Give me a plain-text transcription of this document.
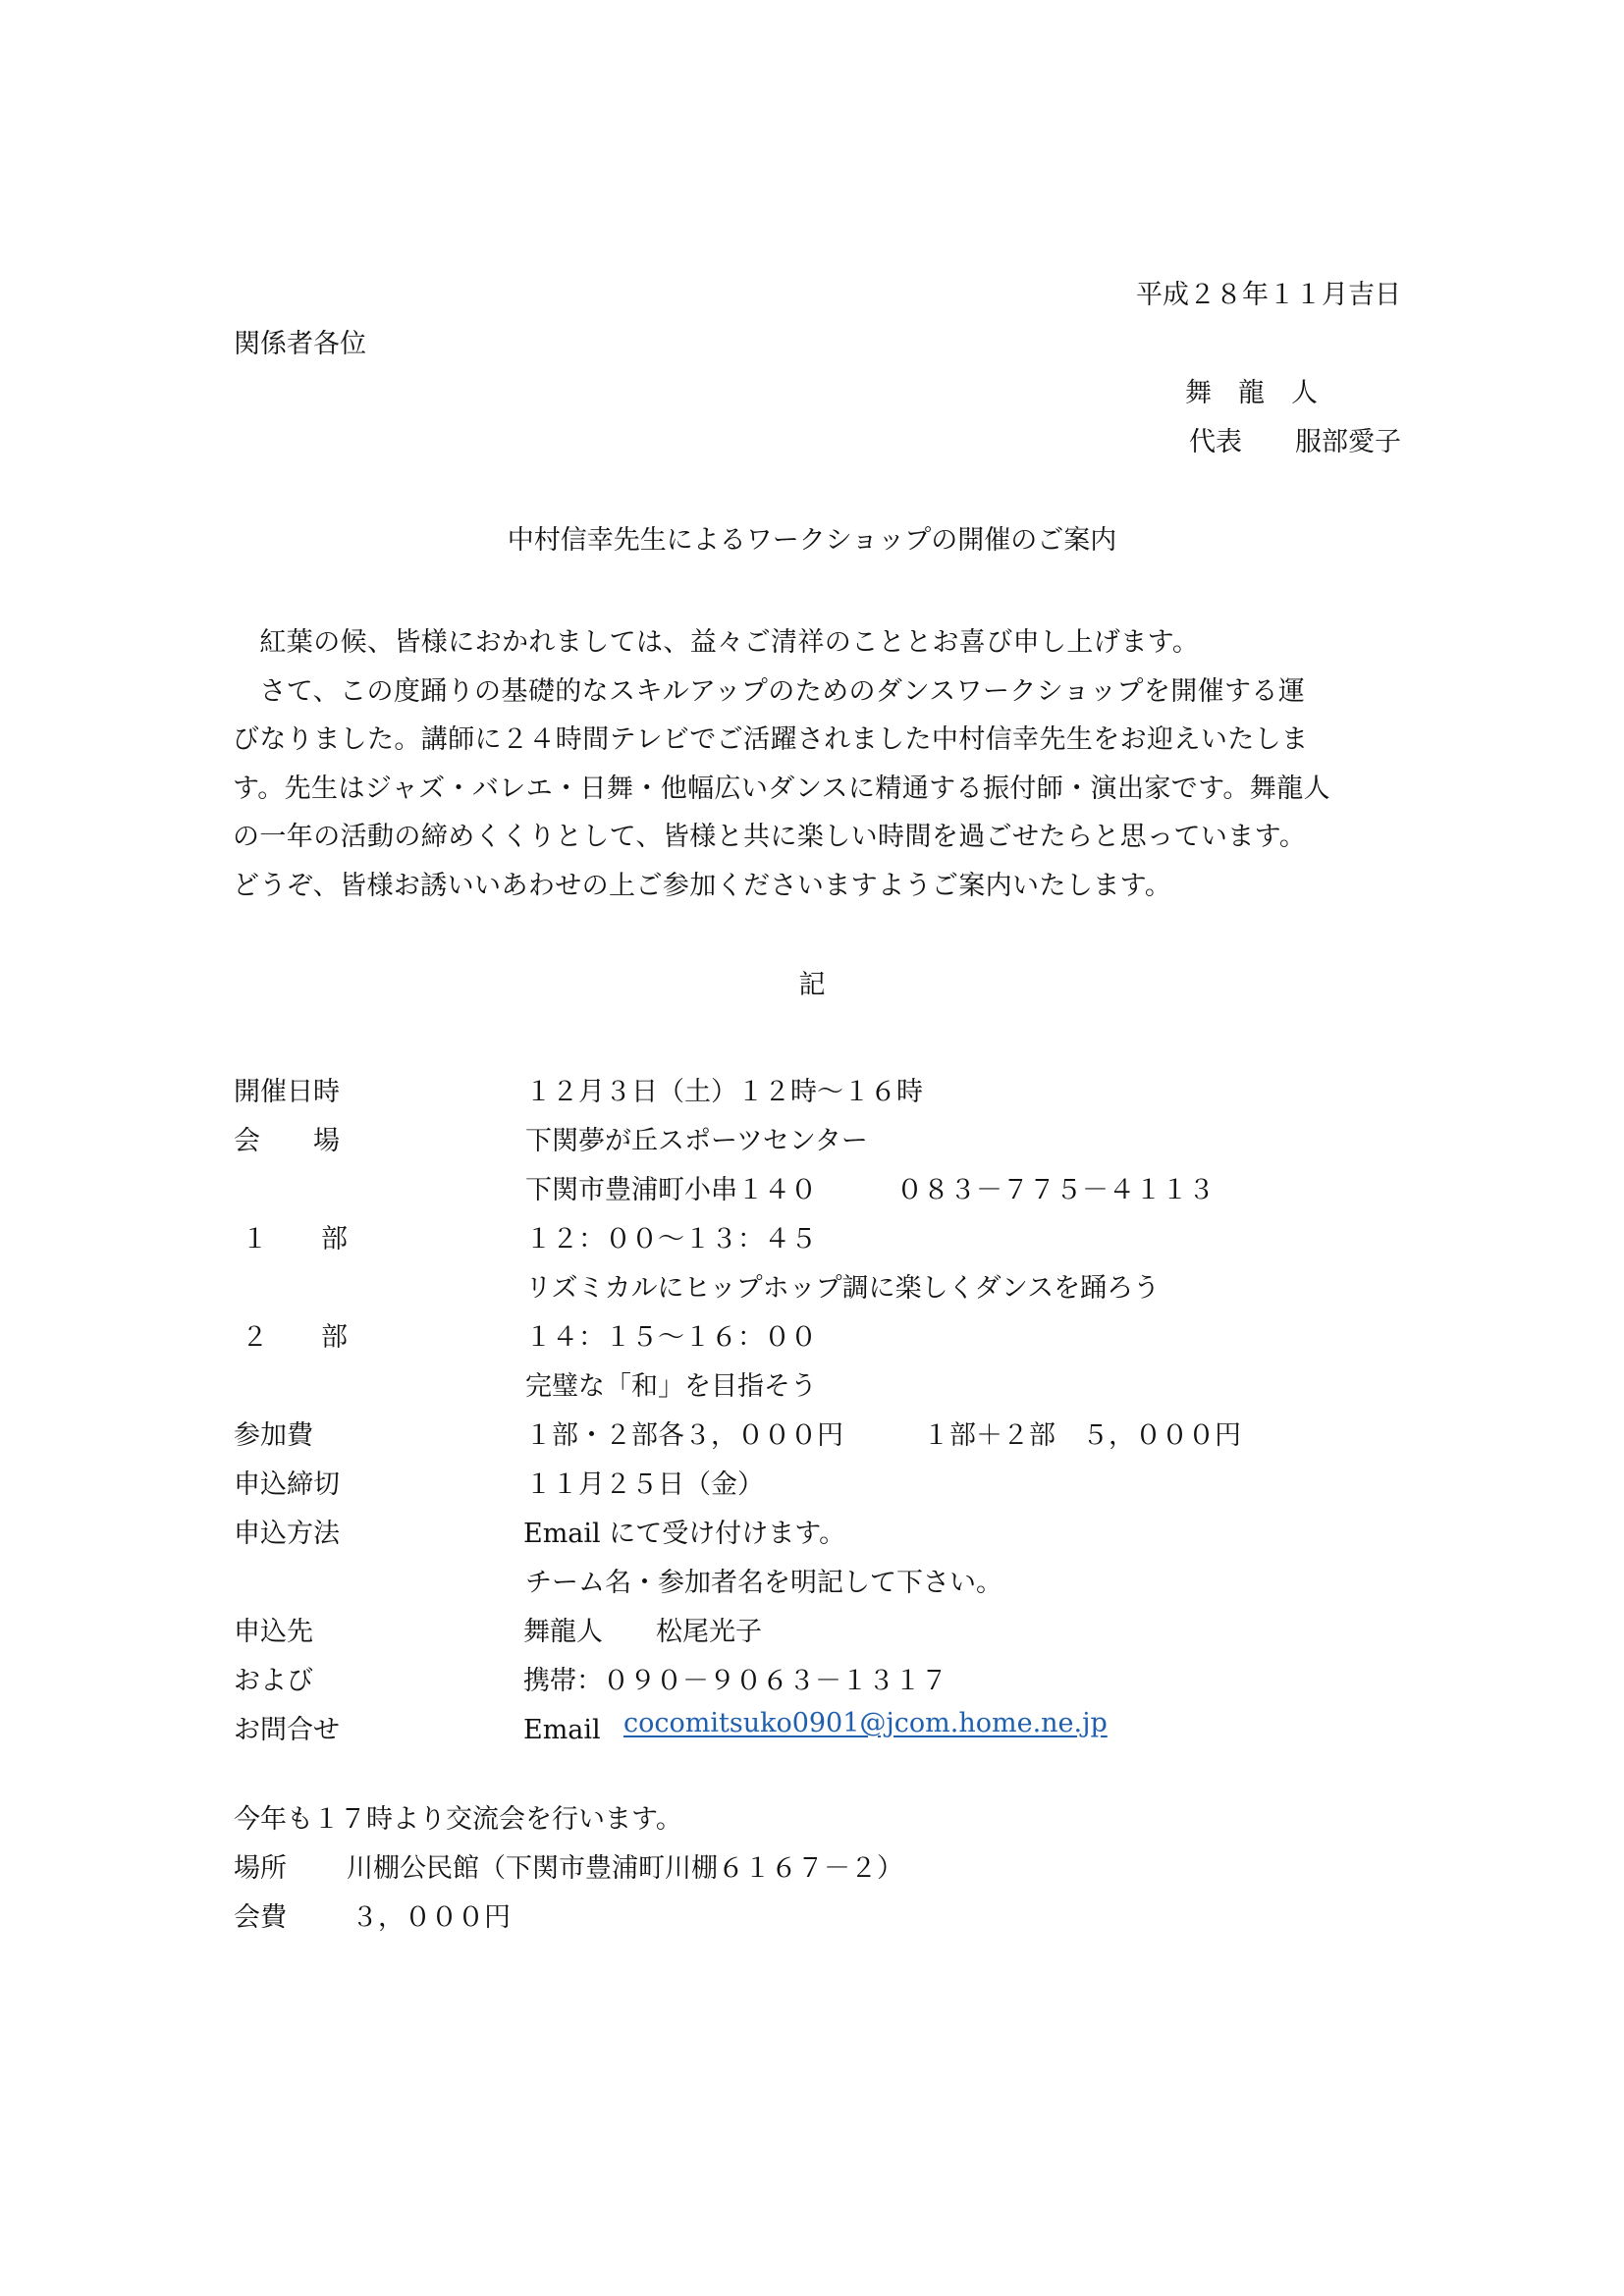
平成２８年１１月吉日
関係者各位
舞　龍　人
代表　　服部愛子
中村信幸先生によるワークショップの開催のご案内

　紅葉の候、皆様におかれましては、益々ご清祥のこととお喜び申し上げます。

　さて、この度踊りの基礎的なスキルアップのためのダンスワークショップを開催する運

びなりました。講師に２４時間テレビでご活躍されました中村信幸先生をお迎えいたしま

す。先生はジャズ・バレエ・日舞・他幅広いダンスに精通する振付師・演出家です。舞龍人

の一年の活動の締めくくりとして、皆様と共に楽しい時間を過ごせたらと思っています。

どうぞ、皆様お誘いいあわせの上ご参加くださいますようご案内いたします。

記
開催日時	１２月３日（土）１２時～１６時
会　　場	下関夢が丘スポーツセンター
下関市豊浦町小串１４０　　　０８３－７７５－４１１３
１　　部	１２：００～１３：４５
リズミカルにヒップホップ調に楽しくダンスを踊ろう
２　　部	１４：１５～１６：００
完璧な「和」を目指そう
参加費	１部・２部各３，０００円　　　１部＋２部　５，０００円
申込締切	１１月２５日（金）
申込方法	Email にて受け付けます。
チーム名・参加者名を明記して下さい。
申込先	舞龍人　　松尾光子
および	携帯：０９０－９０６３－１３１７
お問合せ	Email　
cocomitsuko0901@jcom.home.ne.jp
今年も１７時より交流会を行います。
場所 川棚公民館（下関市豊浦町川棚６１６７－２）
会費 ３，０００円
